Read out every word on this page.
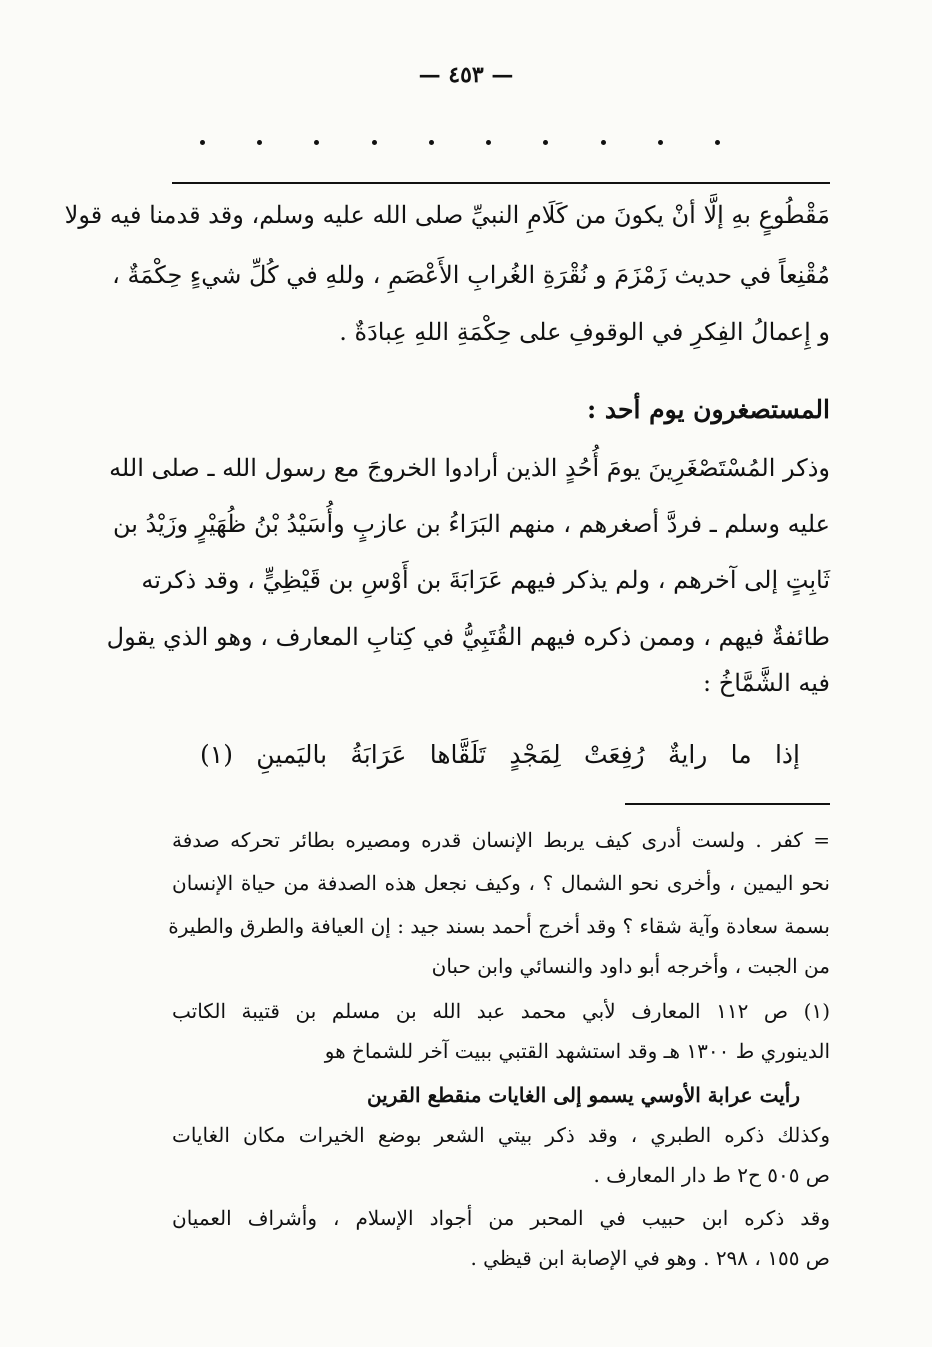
— ٤٥٣ —

مَقْطُوعٍ بهِ إلَّا أنْ يكونَ من كَلَامِ النبيِّ صلى الله عليه وسلم، وقد قدمنا فيه قولا

مُقْنِعاً في حديث زَمْزَمَ و نُقْرَةِ الغُرابِ الأَعْصَمِ ، وللهِ في كُلِّ شيءٍ حِكْمَةٌ ،

و إِعمالُ الفِكرِ في الوقوفِ على حِكْمَةِ اللهِ عِبادَةٌ .

المستصغرون يوم أحد :

وذكر المُسْتَصْغَرِينَ يومَ أُحُدٍ الذين أرادوا الخروجَ مع رسول الله ـ صلى الله

عليه وسلم ـ فردَّ أصغرهم ، منهم البَرَاءُ بن عازبٍ وأُسَيْدُ بْنُ ظُهَيْرٍ وزَيْدُ بن

ثَابِتٍ إلى آخرهم ، ولم يذكر فيهم عَرَابَةَ بن أَوْسِ بن قَيْظِيٍّ ، وقد ذكرته

طائفةٌ فيهم ، وممن ذكره فيهم القُتَبِيُّ في كِتابِ المعارف ، وهو الذي يقول

فيه الشَّمَّاخُ :

إذا ما رايةٌ رُفِعَتْ لِمَجْدٍ تَلَقَّاها عَرَابَةُ باليَمينِ (١)

= كفر . ولست أدرى كيف يربط الإنسان قدره ومصيره بطائر تحركه صدفة

نحو اليمين ، وأخرى نحو الشمال ؟ ، وكيف نجعل هذه الصدفة من حياة الإنسان

بسمة سعادة وآية شقاء ؟ وقد أخرج أحمد بسند جيد : إن العيافة والطرق والطيرة

من الجبت ، وأخرجه أبو داود والنسائي وابن حبان

(١) ص ١١٢ المعارف لأبي محمد عبد الله بن مسلم بن قتيبة الكاتب

الدينوري ط ١٣٠٠ هـ وقد استشهد القتبي ببيت آخر للشماخ هو

رأيت عرابة الأوسي يسمو إلى الغايات منقطع القرين

وكذلك ذكره الطبري ، وقد ذكر بيتي الشعر بوضع الخيرات مكان الغايات

ص ٥٠٥ ح٢ ط دار المعارف .

وقد ذكره ابن حبيب في المحبر من أجواد الإسلام ، وأشراف العميان

ص ١٥٥ ، ٢٩٨ . وهو في الإصابة ابن قيظي .
